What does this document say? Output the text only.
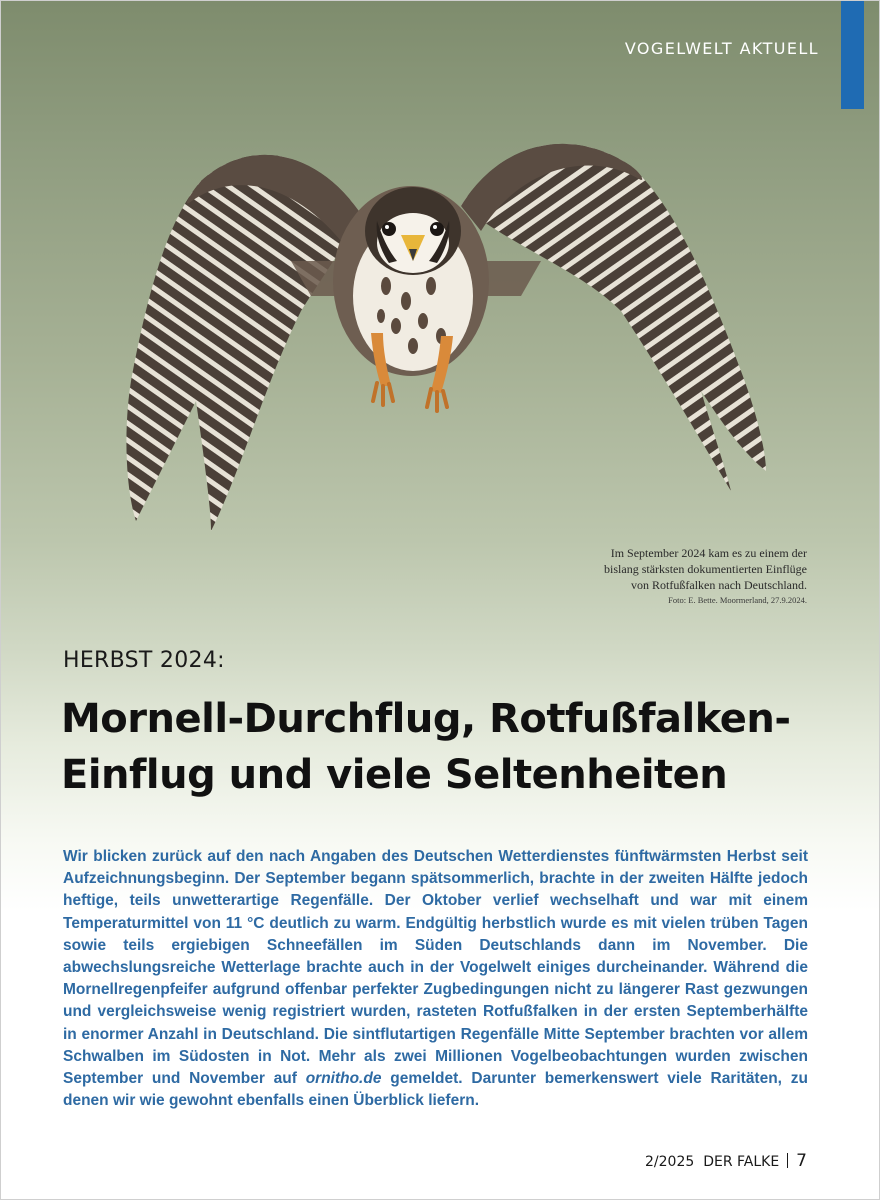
VOGELWELT AKTUELL
Im September 2024 kam es zu einem der bislang stärksten dokumentierten Einflüge von Rotfußfalken nach Deutschland.
Foto: E. Bette. Moormerland, 27.9.2024.
HERBST 2024:
Mornell-Durchflug, Rotfußfalken-Einflug und viele Seltenheiten

Wir blicken zurück auf den nach Angaben des Deutschen Wetterdienstes fünftwärmsten Herbst seit Aufzeichnungsbeginn. Der September begann spätsommerlich, brachte in der zweiten Hälfte jedoch heftige, teils unwetterartige Regenfälle. Der Oktober verlief wechselhaft und war mit einem Temperaturmittel von 11 °C deutlich zu warm. Endgültig herbstlich wurde es mit vielen trüben Tagen sowie teils ergiebigen Schneefällen im Süden Deutschlands dann im November. Die abwechslungsreiche Wetterlage brachte auch in der Vogelwelt einiges durcheinander. Während die Mornellregenpfeifer aufgrund offenbar perfekter Zugbedingungen nicht zu längerer Rast gezwungen und vergleichsweise wenig registriert wurden, rasteten Rotfußfalken in der ersten Septemberhälfte in enormer Anzahl in Deutschland. Die sintflutartigen Regenfälle Mitte September brachten vor allem Schwalben im Südosten in Not. Mehr als zwei Millionen Vogelbeobachtungen wurden zwischen September und November auf ornitho.de gemeldet. Darunter bemerkenswert viele Raritäten, zu denen wir wie gewohnt ebenfalls einen Überblick liefern.

2/2025 DER FALKE 7
